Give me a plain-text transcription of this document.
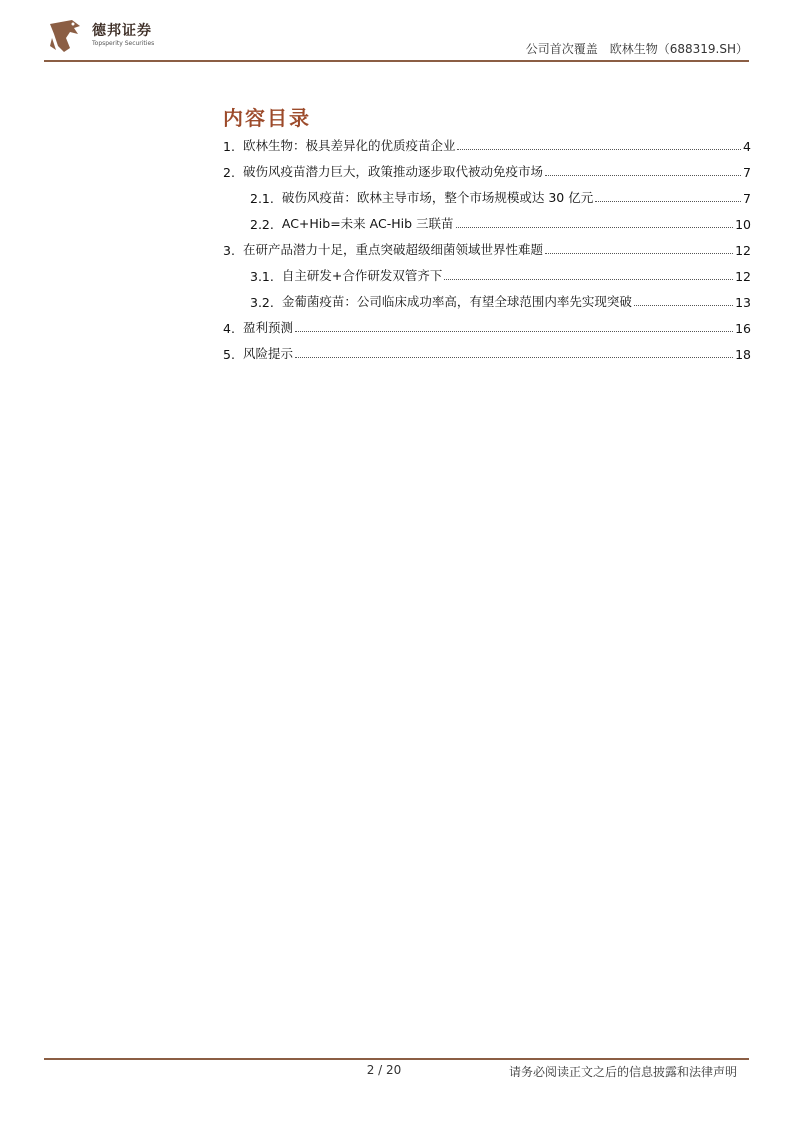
德邦证券
Topsperity Securities	公司首次覆盖 欧林生物（688319.SH）
内容目录
1. 欧林生物：极具差异化的优质疫苗企业	4
2. 破伤风疫苗潜力巨大，政策推动逐步取代被动免疫市场	7
2.1. 破伤风疫苗：欧林主导市场，整个市场规模或达 30 亿元	7
2.2. AC+Hib=未来 AC-Hib 三联苗	10
3. 在研产品潜力十足，重点突破超级细菌领域世界性难题	12
3.1. 自主研发+合作研发双管齐下	12
3.2. 金葡菌疫苗：公司临床成功率高，有望全球范围内率先实现突破	13
4. 盈利预测	16
5. 风险提示	18
2 / 20	请务必阅读正文之后的信息披露和法律声明
